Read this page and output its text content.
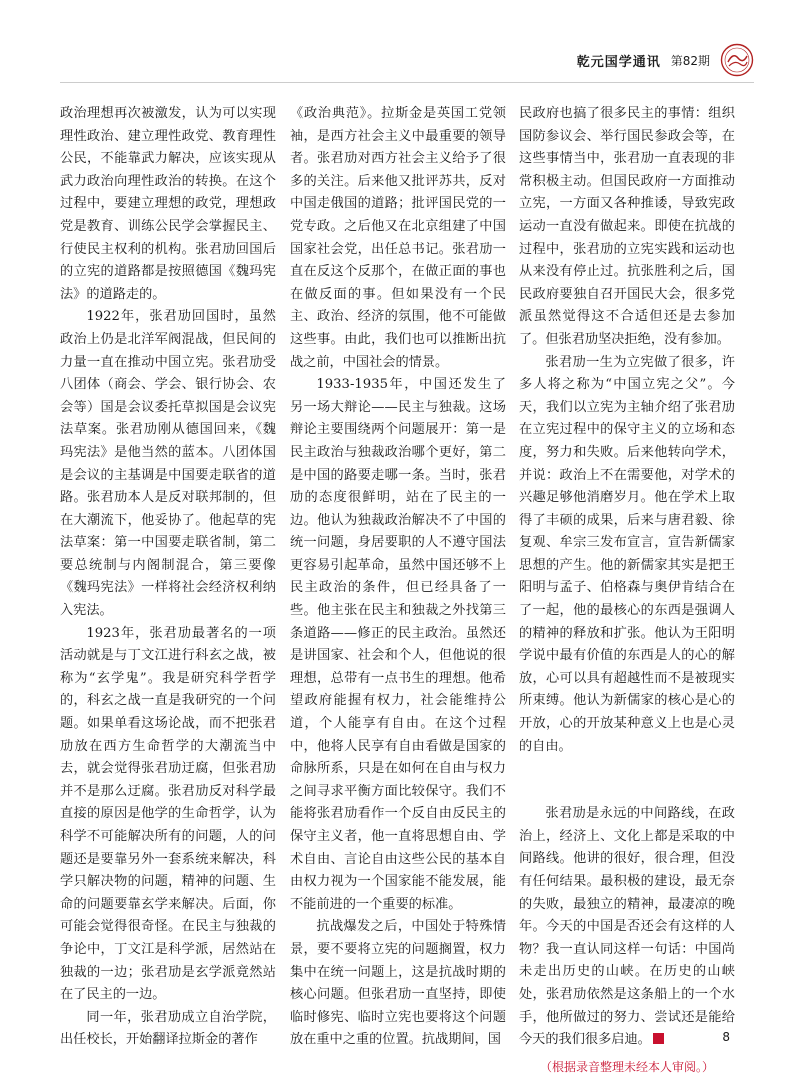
乾元国学通讯 第82期

政治理想再次被激发，认为可以实现理性政治、建立理性政党、教育理性公民，不能靠武力解决，应该实现从武力政治向理性政治的转换。在这个过程中，要建立理想的政党，理想政党是教育、训练公民学会掌握民主、行使民主权利的机构。张君劢回国后的立宪的道路都是按照德国《魏玛宪法》的道路走的。

1922年，张君劢回国时，虽然政治上仍是北洋军阀混战，但民间的力量一直在推动中国立宪。张君劢受八团体（商会、学会、银行协会、农会等）国是会议委托草拟国是会议宪法草案。张君劢刚从德国回来，《魏玛宪法》是他当然的蓝本。八团体国是会议的主基调是中国要走联省的道路。张君劢本人是反对联邦制的，但在大潮流下，他妥协了。他起草的宪法草案：第一中国要走联省制，第二要总统制与内阁制混合，第三要像《魏玛宪法》一样将社会经济权利纳入宪法。

1923年，张君劢最著名的一项活动就是与丁文江进行科玄之战，被称为“玄学鬼”。我是研究科学哲学的，科玄之战一直是我研究的一个问题。如果单看这场论战，而不把张君劢放在西方生命哲学的大潮流当中去，就会觉得张君劢迂腐，但张君劢并不是那么迂腐。张君劢反对科学最直接的原因是他学的生命哲学，认为科学不可能解决所有的问题，人的问题还是要靠另外一套系统来解决，科学只解决物的问题，精神的问题、生命的问题要靠玄学来解决。后面，你可能会觉得很奇怪。在民主与独裁的争论中，丁文江是科学派，居然站在独裁的一边；张君劢是玄学派竟然站在了民主的一边。

同一年，张君劢成立自治学院，出任校长，开始翻译拉斯金的著作

《政治典范》。拉斯金是英国工党领袖，是西方社会主义中最重要的领导者。张君劢对西方社会主义给予了很多的关注。后来他又批评苏共，反对中国走俄国的道路；批评国民党的一党专政。之后他又在北京组建了中国国家社会党，出任总书记。张君劢一直在反这个反那个，在做正面的事也在做反面的事。但如果没有一个民主、政治、经济的氛围，他不可能做这些事。由此，我们也可以推断出抗战之前，中国社会的情景。

1933-1935年，中国还发生了另一场大辩论——民主与独裁。这场辩论主要围绕两个问题展开：第一是民主政治与独裁政治哪个更好，第二是中国的路要走哪一条。当时，张君劢的态度很鲜明，站在了民主的一边。他认为独裁政治解决不了中国的统一问题，身居要职的人不遵守国法更容易引起革命，虽然中国还够不上民主政治的条件，但已经具备了一些。他主张在民主和独裁之外找第三条道路——修正的民主政治。虽然还是讲国家、社会和个人，但他说的很理想，总带有一点书生的理想。他希望政府能握有权力，社会能维持公道，个人能享有自由。在这个过程中，他将人民享有自由看做是国家的命脉所系，只是在如何在自由与权力之间寻求平衡方面比较保守。我们不能将张君劢看作一个反自由反民主的保守主义者，他一直将思想自由、学术自由、言论自由这些公民的基本自由权力视为一个国家能不能发展，能不能前进的一个重要的标准。

抗战爆发之后，中国处于特殊情景，要不要将立宪的问题搁置，权力集中在统一问题上，这是抗战时期的核心问题。但张君劢一直坚持，即使临时修宪、临时立宪也要将这个问题放在重中之重的位置。抗战期间，国

民政府也搞了很多民主的事情：组织国防参议会、举行国民参政会等，在这些事情当中，张君劢一直表现的非常积极主动。但国民政府一方面推动立宪，一方面又各种推诿，导致宪政运动一直没有做起来。即使在抗战的过程中，张君劢的立宪实践和运动也从来没有停止过。抗张胜利之后，国民政府要独自召开国民大会，很多党派虽然觉得这不合适但还是去参加了。但张君劢坚决拒绝，没有参加。

张君劢一生为立宪做了很多，许多人将之称为“中国立宪之父”。今天，我们以立宪为主轴介绍了张君劢在立宪过程中的保守主义的立场和态度，努力和失败。后来他转向学术，并说：政治上不在需要他，对学术的兴趣足够他消磨岁月。他在学术上取得了丰硕的成果，后来与唐君毅、徐复观、牟宗三发布宣言，宣告新儒家思想的产生。他的新儒家其实是把王阳明与孟子、伯格森与奥伊肯结合在了一起，他的最核心的东西是强调人的精神的释放和扩张。他认为王阳明学说中最有价值的东西是人的心的解放，心可以具有超越性而不是被现实所束缚。他认为新儒家的核心是心的开放，心的开放某种意义上也是心灵的自由。

张君劢是永远的中间路线，在政治上，经济上、文化上都是采取的中间路线。他讲的很好，很合理，但没有任何结果。最积极的建设，最无奈的失败，最独立的精神，最凄凉的晚年。今天的中国是否还会有这样的人物？我一直认同这样一句话：中国尚未走出历史的山峡。在历史的山峡处，张君劢依然是这条船上的一个水手，他所做过的努力、尝试还是能给今天的我们很多启迪。

（根据录音整理未经本人审阅。）
8
